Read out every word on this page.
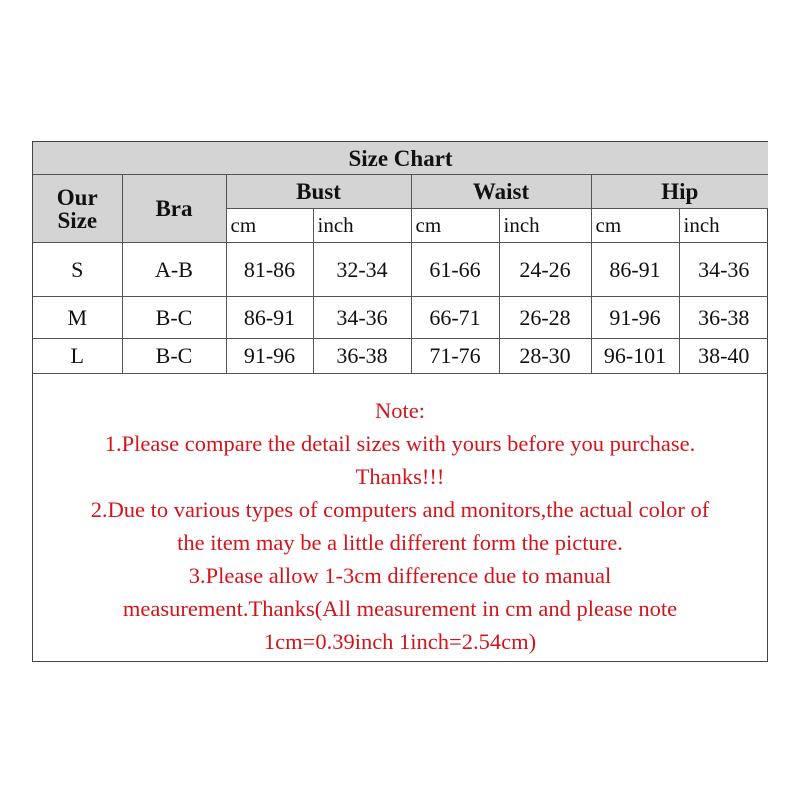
Size Chart							

Our
Size	Bra	Bust		Waist		Hip	
		cm	inch	cm	inch	cm	inch
S	A-B	81-86	32-34	61-66	24-26	86-91	34-36
M	B-C	86-91	34-36	66-71	26-28	91-96	36-38
L	B-C	91-96	36-38	71-76	28-30	96-101	38-40
Note:
1.Please compare the detail sizes with yours before you purchase.
Thanks!!!
2.Due to various types of computers and monitors,the actual color of
the item may be a little different form the picture.
3.Please allow 1-3cm difference due to manual
measurement.Thanks(All measurement in cm and please note
1cm=0.39inch 1inch=2.54cm)
